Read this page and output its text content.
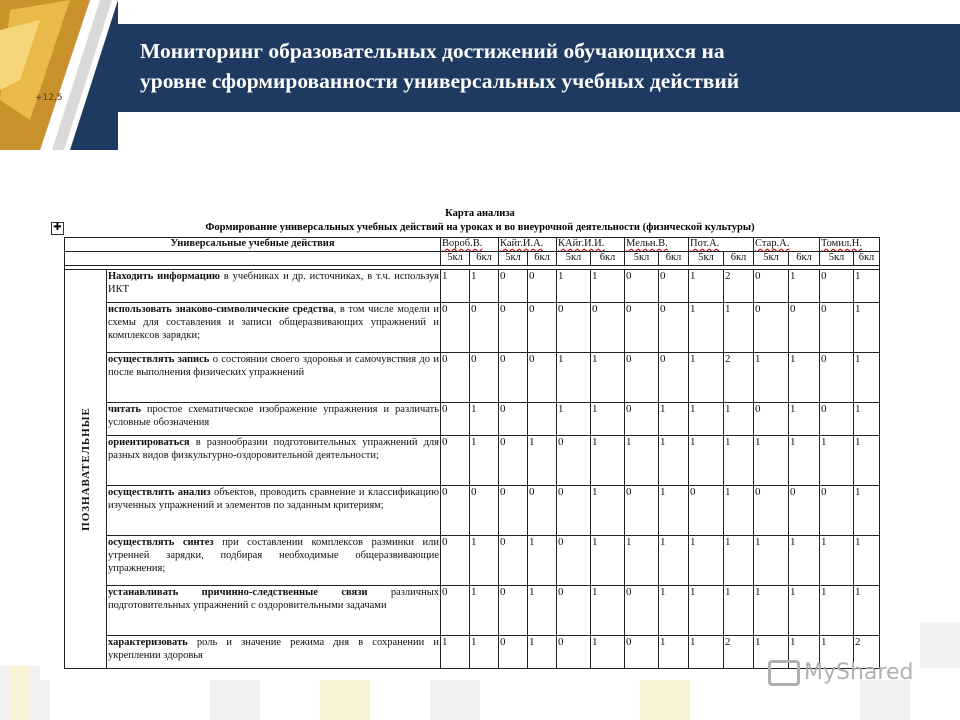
+12,5
Мониторинг образовательных достижений обучающихся на
уровне сформированности универсальных учебных действий
Карта анализа
Формирование универсальных учебных действий на уроках и во внеурочной деятельности (физической культуры)
✚
Универсальные учебные действия		Вороб.В.		Кайг.И.А.		КАйг.И.И.		Мельн.В.		Пот.А.		Стар.А.		Томил.Н.	
		5кл	6кл	5кл	6кл	5кл	6кл	5кл	6кл	5кл	6кл	5кл	6кл	5кл	6кл

ПОЗНАВАТЕЛЬНЫЕ	Находить информацию в учебниках и др. источниках, в т.ч. используя ИКТ	1	1	0	0	1	1	0	0	1	2	0	1	0	1
	использовать знаково-символические средства, в том числе модели и схемы для составления и записи общеразвивающих упражнений и комплексов зарядки;	0	0	0	0	0	0	0	0	1	1	0	0	0	1
	осуществлять запись о состоянии своего здоровья и самочувствия до и после выполнения физических упражнений	0	0	0	0	1	1	0	0	1	2	1	1	0	1
	читать простое схематическое изображение упражнения и различать условные обозначения	0	1	0		1	1	0	1	1	1	0	1	0	1
	ориентироваться в разнообразии подготовительных упражнений для разных видов физкультурно-оздоровительной деятельности;	0	1	0	1	0	1	1	1	1	1	1	1	1	1
	осуществлять анализ объектов, проводить сравнение и классификацию изученных упражнений и элементов по заданным критериям;	0	0	0	0	0	1	0	1	0	1	0	0	0	1
	осуществлять синтез при составлении комплексов разминки или утренней зарядки, подбирая необходимые общеразвивающие упражнения;	0	1	0	1	0	1	1	1	1	1	1	1	1	1
	устанавливать причинно-следственные связи различных подготовительных упражнений с оздоровительными задачами	0	1	0	1	0	1	0	1	1	1	1	1	1	1
	характеризовать роль и значение режима дня в сохранении и укреплении здоровья	1	1	0	1	0	1	0	1	1	2	1	1	1	2
MyShared
